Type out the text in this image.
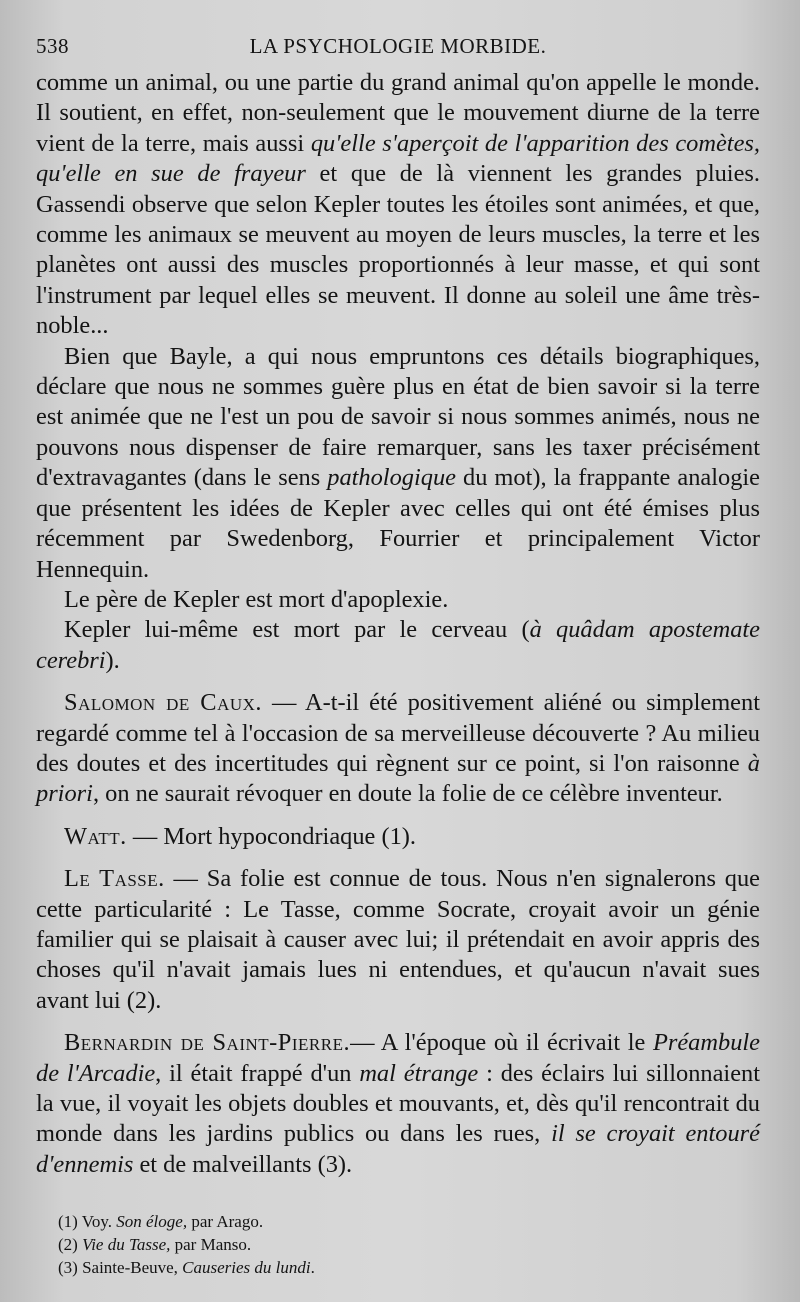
538	LA PSYCHOLOGIE MORBIDE.

comme un animal, ou une partie du grand animal qu'on appelle le monde. Il soutient, en effet, non-seulement que le mouvement diurne de la terre vient de la terre, mais aussi qu'elle s'aperçoit de l'apparition des comètes, qu'elle en sue de frayeur et que de là viennent les grandes pluies. Gassendi observe que selon Kepler toutes les étoiles sont animées, et que, comme les animaux se meuvent au moyen de leurs muscles, la terre et les planètes ont aussi des muscles proportionnés à leur masse, et qui sont l'instrument par lequel elles se meuvent. Il donne au soleil une âme très-noble...

Bien que Bayle, a qui nous empruntons ces détails biographiques, déclare que nous ne sommes guère plus en état de bien savoir si la terre est animée que ne l'est un pou de savoir si nous sommes animés, nous ne pouvons nous dispenser de faire remarquer, sans les taxer précisément d'extravagantes (dans le sens pathologique du mot), la frappante analogie que présentent les idées de Kepler avec celles qui ont été émises plus récemment par Swedenborg, Fourrier et principalement Victor Hennequin.

Le père de Kepler est mort d'apoplexie.

Kepler lui-même est mort par le cerveau (à quâdam apostemate cerebri).

Salomon de Caux. — A-t-il été positivement aliéné ou simplement regardé comme tel à l'occasion de sa merveilleuse découverte ? Au milieu des doutes et des incertitudes qui règnent sur ce point, si l'on raisonne à priori, on ne saurait révoquer en doute la folie de ce célèbre inventeur.

Watt. — Mort hypocondriaque (1).

Le Tasse. — Sa folie est connue de tous. Nous n'en signalerons que cette particularité : Le Tasse, comme Socrate, croyait avoir un génie familier qui se plaisait à causer avec lui; il prétendait en avoir appris des choses qu'il n'avait jamais lues ni entendues, et qu'aucun n'avait sues avant lui (2).

Bernardin de Saint-Pierre.— A l'époque où il écrivait le Préambule de l'Arcadie, il était frappé d'un mal étrange : des éclairs lui sillonnaient la vue, il voyait les objets doubles et mouvants, et, dès qu'il rencontrait du monde dans les jardins publics ou dans les rues, il se croyait entouré d'ennemis et de malveillants (3).

(1) Voy. Son éloge, par Arago.

(2) Vie du Tasse, par Manso.

(3) Sainte-Beuve, Causeries du lundi.
